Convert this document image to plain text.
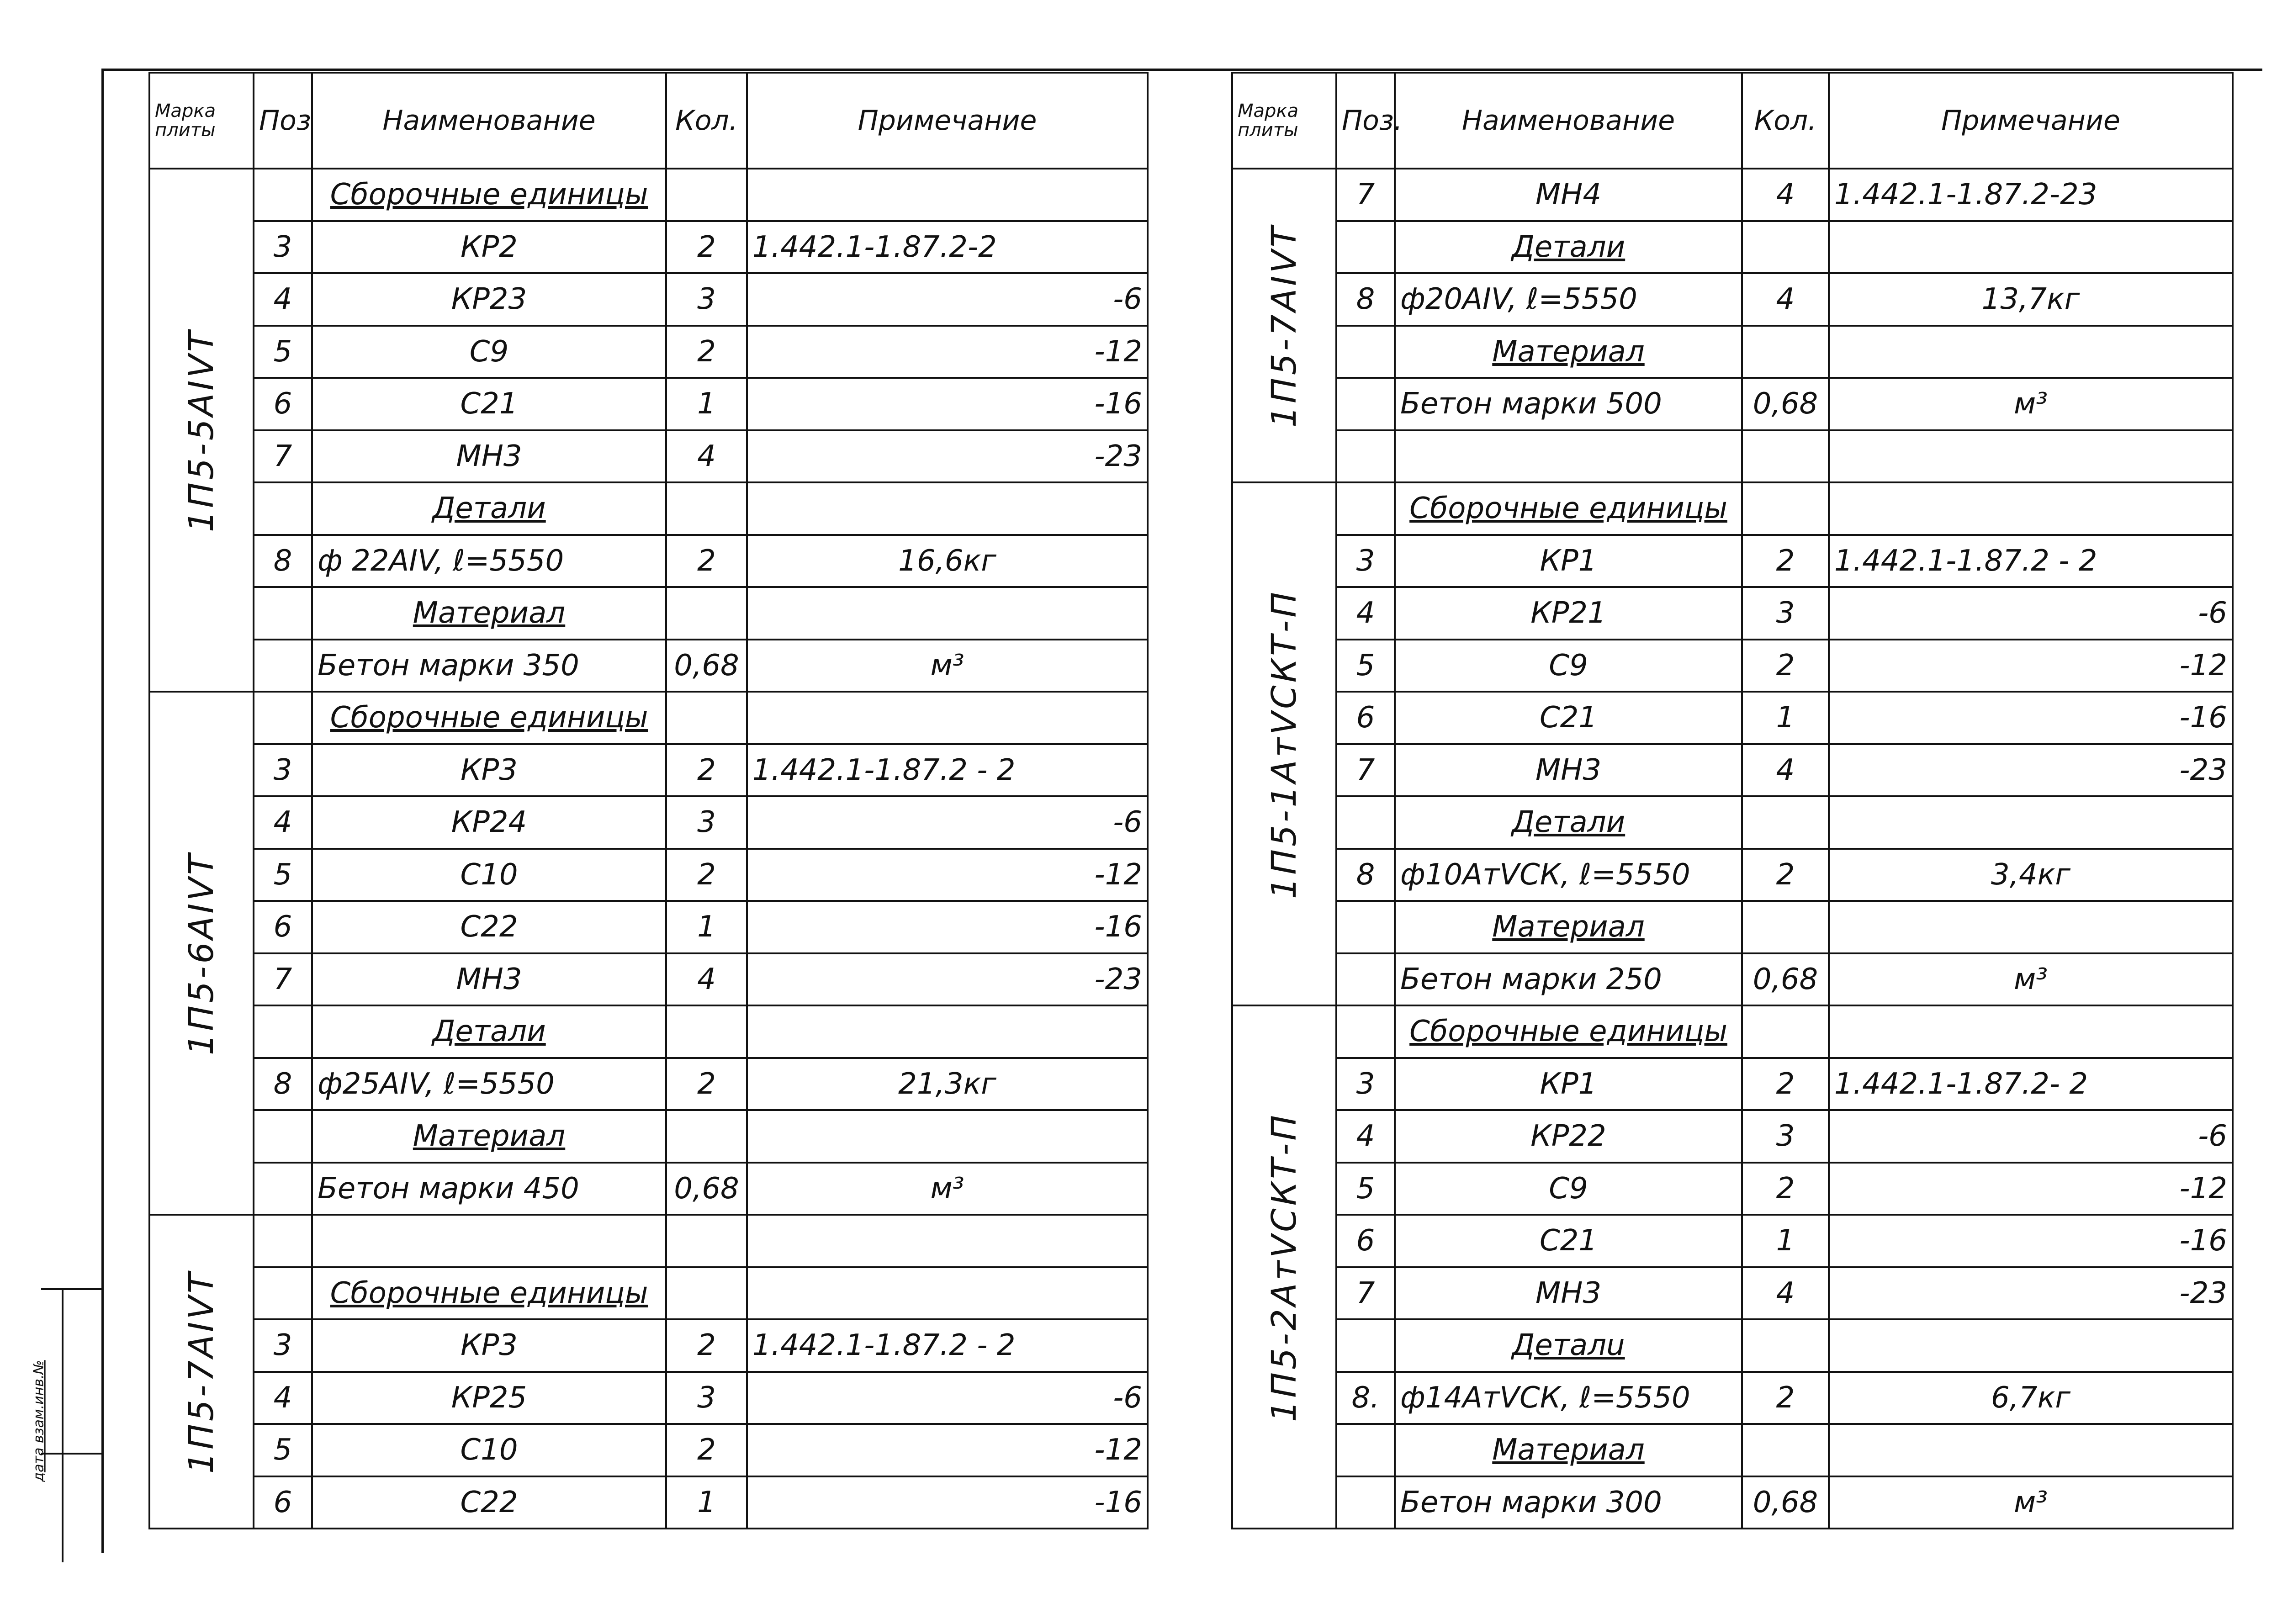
дата взам.инв.№
Марка
плиты	Поз	Наименование	Кол.	Примечание

1П5-5АIVТ		Сборочные единицы		
	3	КР2	2	1.442.1-1.87.2-2
	4	КР23	3	-6
	5	С9	2	-12
	6	С21	1	-16
	7	МН3	4	-23
		Детали		
	8	ф 22АIV, ℓ=5550	2	16,6кг
		Материал		
		Бетон марки 350	0,68	м³

1П5-6АIVТ		Сборочные единицы		
	3	КР3	2	1.442.1-1.87.2 - 2
	4	КР24	3	-6
	5	С10	2	-12
	6	С22	1	-16
	7	МН3	4	-23
		Детали		
	8	ф25АIV, ℓ=5550	2	21,3кг
		Материал		
		Бетон марки 450	0,68	м³

1П5-7АIVТ				

		Сборочные единицы		
	3	КР3	2	1.442.1-1.87.2 - 2
	4	КР25	3	-6
	5	С10	2	-12
	6	С22	1	-16
Марка
плиты	Поз.	Наименование	Кол.	Примечание

1П5-7АIVТ	7	МН4	4	1.442.1-1.87.2-23
		Детали		
	8	ф20АIV, ℓ=5550	4	13,7кг
		Материал		
		Бетон марки 500	0,68	м³

1П5-1АтVСКТ-П		Сборочные единицы		
	3	КР1	2	1.442.1-1.87.2 - 2
	4	КР21	3	-6
	5	С9	2	-12
	6	С21	1	-16
	7	МН3	4	-23
		Детали		
	8	ф10АтVСК, ℓ=5550	2	3,4кг
		Материал		
		Бетон марки 250	0,68	м³

1П5-2АтVСКТ-П		Сборочные единицы		
	3	КР1	2	1.442.1-1.87.2- 2
	4	КР22	3	-6
	5	С9	2	-12
	6	С21	1	-16
	7	МН3	4	-23
		Деталu		
	8.	ф14АтVСК, ℓ=5550	2	6,7кг
		Материал		
		Бетон марки 300	0,68	м³
